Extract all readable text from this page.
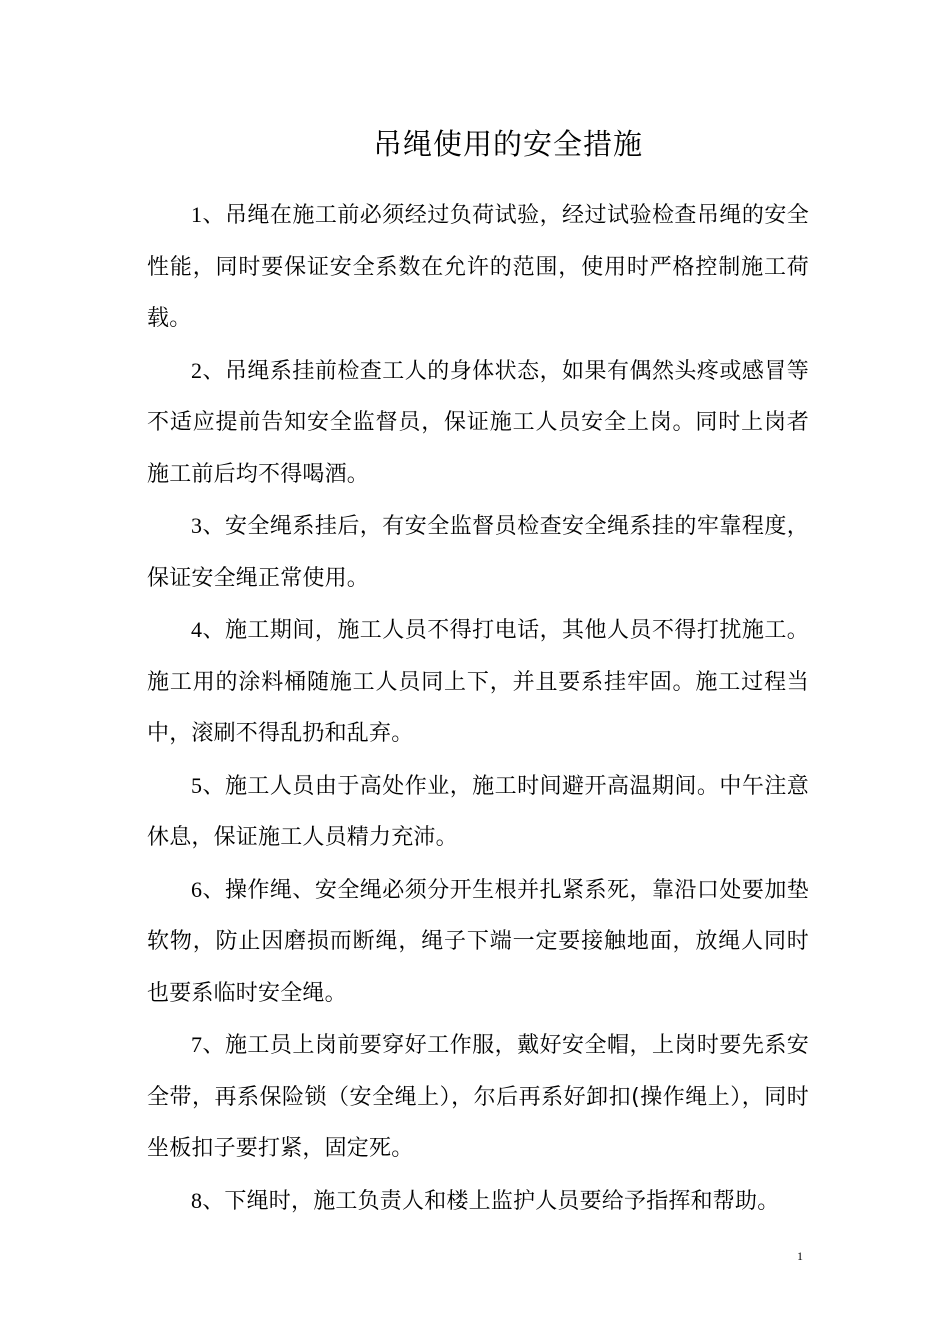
吊绳使用的安全措施

1、吊绳在施工前必须经过负荷试验，经过试验检查吊绳的安全性能，同时要保证安全系数在允许的范围，使用时严格控制施工荷载。

2、吊绳系挂前检查工人的身体状态，如果有偶然头疼或感冒等不适应提前告知安全监督员，保证施工人员安全上岗。同时上岗者施工前后均不得喝酒。

3、安全绳系挂后，有安全监督员检查安全绳系挂的牢靠程度，保证安全绳正常使用。

4、施工期间，施工人员不得打电话，其他人员不得打扰施工。施工用的涂料桶随施工人员同上下，并且要系挂牢固。施工过程当中，滚刷不得乱扔和乱弃。

5、施工人员由于高处作业，施工时间避开高温期间。中午注意休息，保证施工人员精力充沛。

6、操作绳、安全绳必须分开生根并扎紧系死，靠沿口处要加垫软物，防止因磨损而断绳，绳子下端一定要接触地面，放绳人同时也要系临时安全绳。

7、施工员上岗前要穿好工作服，戴好安全帽，上岗时要先系安全带，再系保险锁（安全绳上），尔后再系好卸扣(操作绳上），同时坐板扣子要打紧，固定死。

8、下绳时，施工负责人和楼上监护人员要给予指挥和帮助。

1
